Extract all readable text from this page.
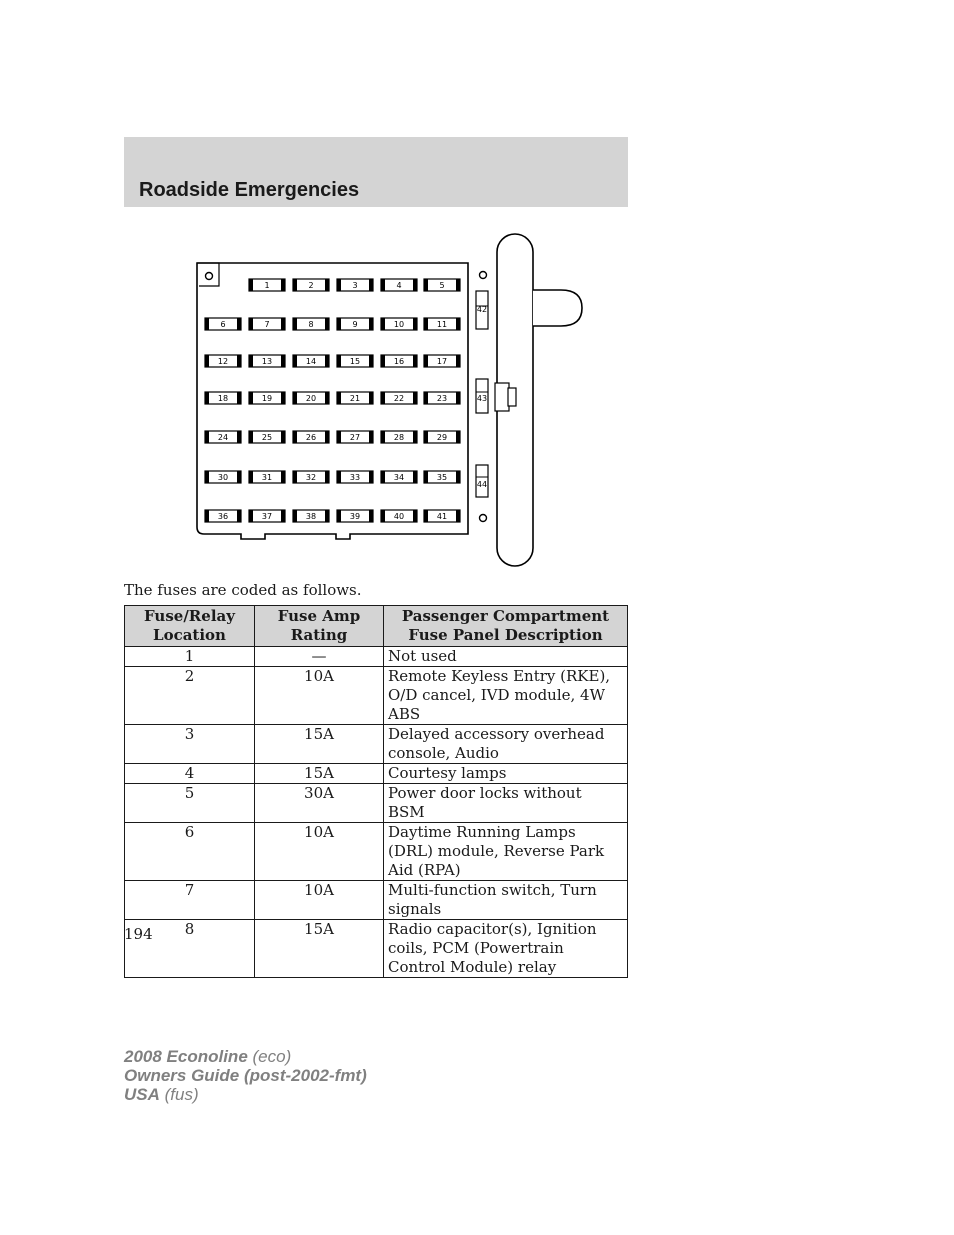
Roadside Emergencies
1	2	3	4	5
6	7	8	9	10	11
12	13	14	15	16	17
18	19	20	21	22	23
24	25	26	27	28	29
30	31	32	33	34	35
36	37	38	39	40	41
42
43
44

The fuses are coded as follows.

Fuse/Relay Location	Fuse Amp Rating	Passenger Compartment Fuse Panel Description
1	—	Not used
2	10A	Remote Keyless Entry (RKE), O/D cancel, IVD module, 4W ABS
3	15A	Delayed accessory overhead console, Audio
4	15A	Courtesy lamps
5	30A	Power door locks without BSM
6	10A	Daytime Running Lamps (DRL) module, Reverse Park Aid (RPA)
7	10A	Multi-function switch, Turn signals
8	15A	Radio capacitor(s), Ignition coils, PCM (Powertrain Control Module) relay

194

2008 Econoline (eco)
Owners Guide (post-2002-fmt)
USA (fus)
